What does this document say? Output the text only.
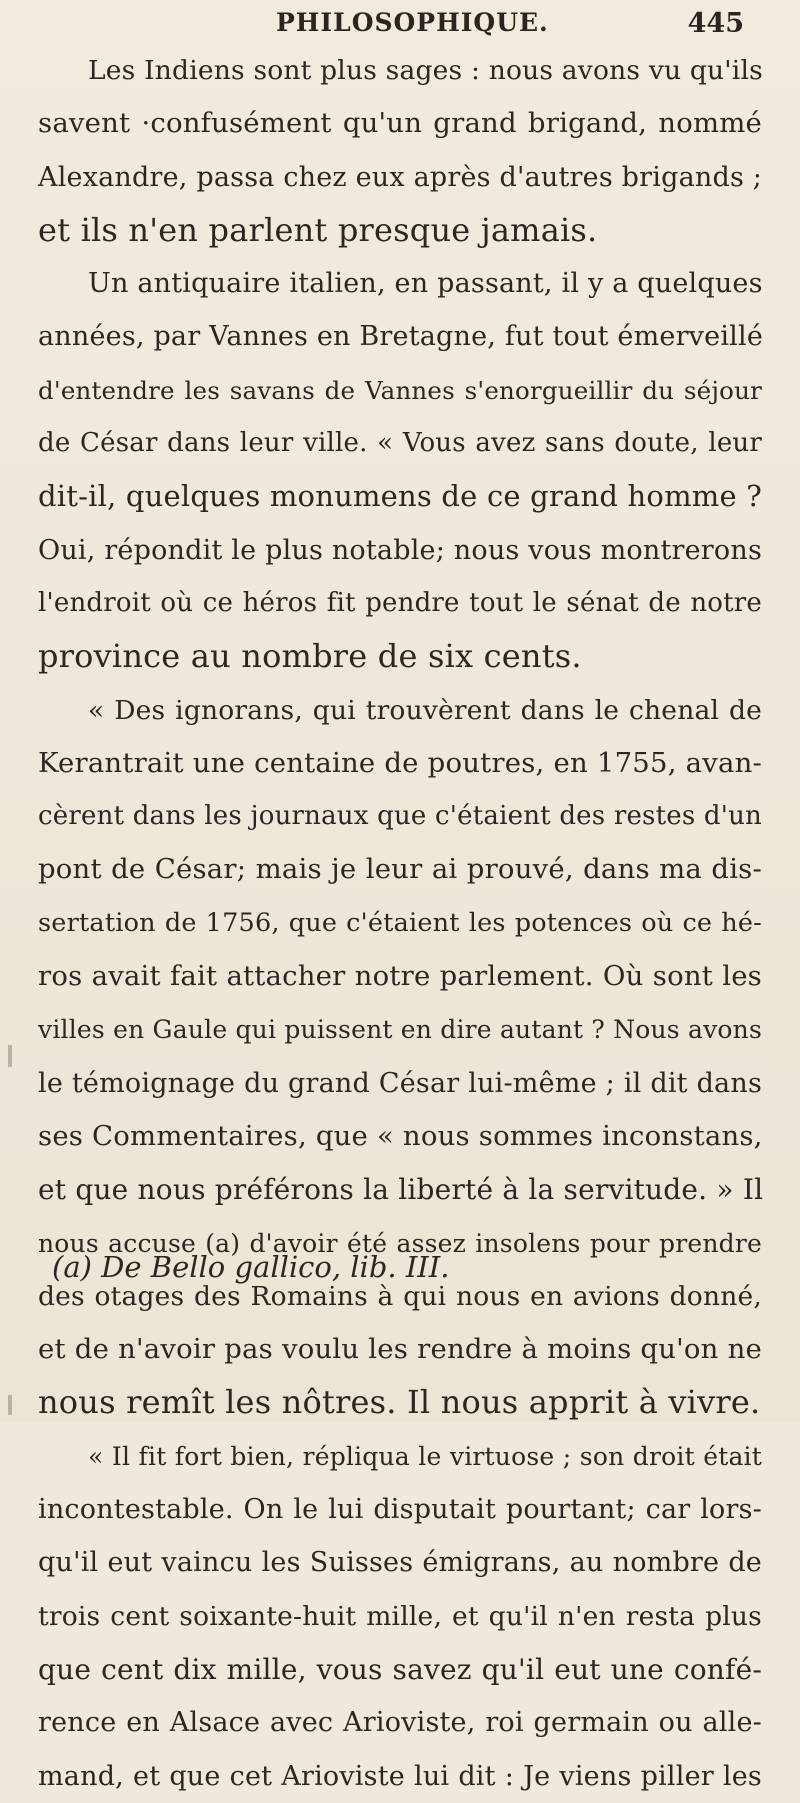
PHILOSOPHIQUE.	445
Les Indiens sont plus sages : nous avons vu qu'ils
savent ·confusément qu'un grand brigand, nommé
Alexandre, passa chez eux après d'autres brigands ;
et ils n'en parlent presque jamais.
Un antiquaire italien, en passant, il y a quelques
années, par Vannes en Bretagne, fut tout émerveillé
d'entendre les savans de Vannes s'enorgueillir du séjour
de César dans leur ville. « Vous avez sans doute, leur
dit-il, quelques monumens de ce grand homme ?
Oui, répondit le plus notable; nous vous montrerons
l'endroit où ce héros fit pendre tout le sénat de notre
province au nombre de six cents.
« Des ignorans, qui trouvèrent dans le chenal de
Kerantrait une centaine de poutres, en 1755, avan-
cèrent dans les journaux que c'étaient des restes d'un
pont de César; mais je leur ai prouvé, dans ma dis-
sertation de 1756, que c'étaient les potences où ce hé-
ros avait fait attacher notre parlement. Où sont les
villes en Gaule qui puissent en dire autant ? Nous avons
le témoignage du grand César lui-même ; il dit dans
ses Commentaires, que « nous sommes inconstans,
et que nous préférons la liberté à la servitude. » Il
nous accuse (a) d'avoir été assez insolens pour prendre
des otages des Romains à qui nous en avions donné,
et de n'avoir pas voulu les rendre à moins qu'on ne
nous remît les nôtres. Il nous apprit à vivre.
« Il fit fort bien, répliqua le virtuose ; son droit était
incontestable. On le lui disputait pourtant; car lors-
qu'il eut vaincu les Suisses émigrans, au nombre de
trois cent soixante-huit mille, et qu'il n'en resta plus
que cent dix mille, vous savez qu'il eut une confé-
rence en Alsace avec Arioviste, roi germain ou alle-
mand, et que cet Arioviste lui dit : Je viens piller les
(a) De Bello gallico, lib. III.
